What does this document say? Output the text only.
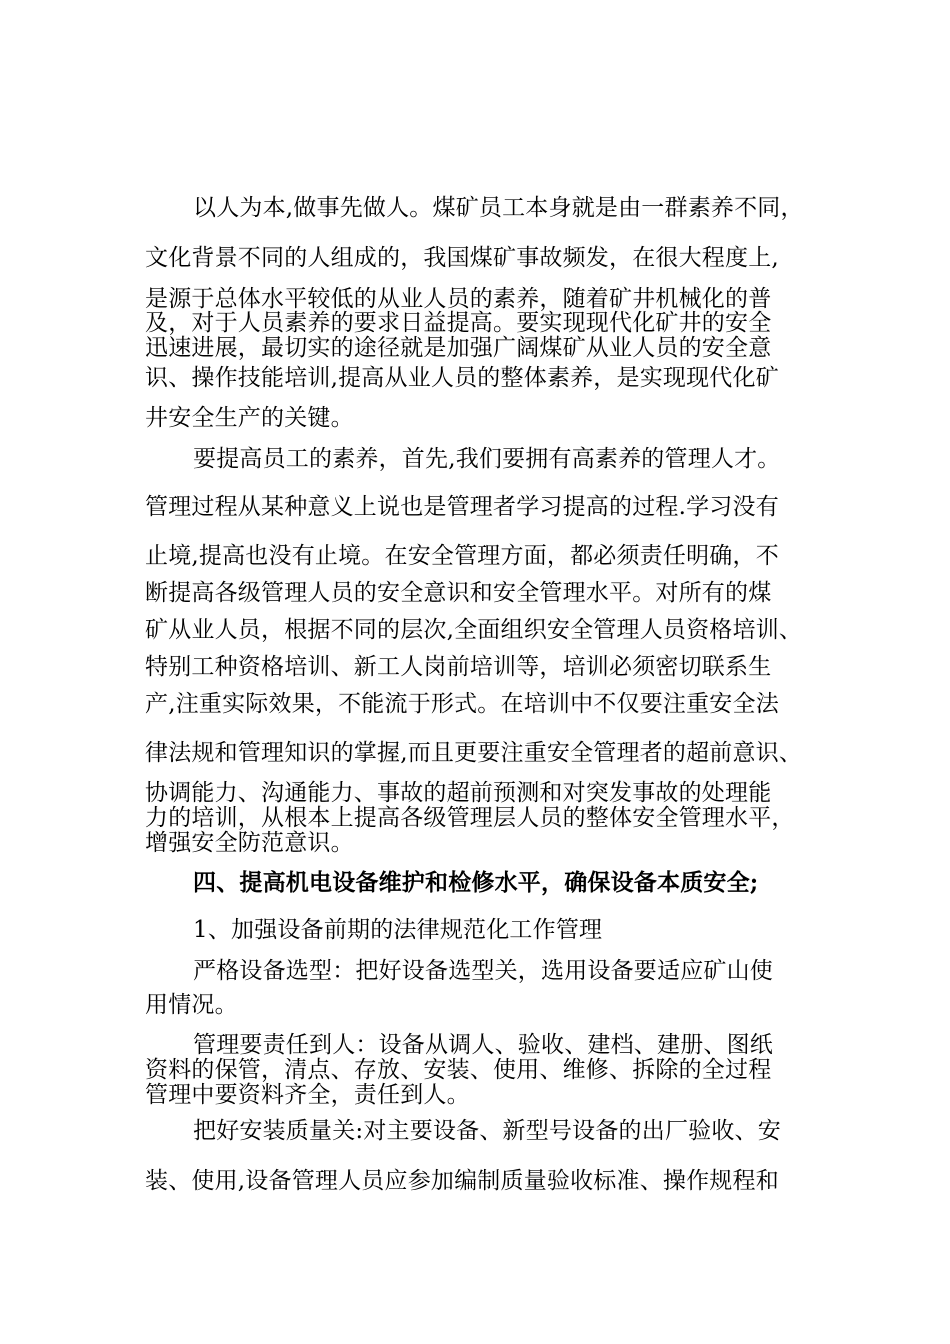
以人为本,做事先做人。煤矿员工本身就是由一群素养不同，
文化背景不同的人组成的，我国煤矿事故频发，在很大程度上,
是源于总体水平较低的从业人员的素养，随着矿井机械化的普
及，对于人员素养的要求日益提高。要实现现代化矿井的安全
迅速进展，最切实的途径就是加强广阔煤矿从业人员的安全意
识、操作技能培训,提高从业人员的整体素养，是实现现代化矿
井安全生产的关键。
要提高员工的素养，首先,我们要拥有高素养的管理人才。
管理过程从某种意义上说也是管理者学习提高的过程.学习没有
止境,提高也没有止境。在安全管理方面，都必须责任明确，不
断提高各级管理人员的安全意识和安全管理水平。对所有的煤
矿从业人员，根据不同的层次,全面组织安全管理人员资格培训、
特别工种资格培训、新工人岗前培训等，培训必须密切联系生
产,注重实际效果，不能流于形式。在培训中不仅要注重安全法
律法规和管理知识的掌握,而且更要注重安全管理者的超前意识、
协调能力、沟通能力、事故的超前预测和对突发事故的处理能
力的培训，从根本上提高各级管理层人员的整体安全管理水平，
增强安全防范意识。
四、提高机电设备维护和检修水平，确保设备本质安全;
1、加强设备前期的法律规范化工作管理
严格设备选型：把好设备选型关，选用设备要适应矿山使
用情况。
管理要责任到人：设备从调人、验收、建档、建册、图纸
资料的保管，清点、存放、安装、使用、维修、拆除的全过程
管理中要资料齐全，责任到人。
把好安装质量关:对主要设备、新型号设备的出厂验收、安
装、使用,设备管理人员应参加编制质量验收标准、操作规程和
